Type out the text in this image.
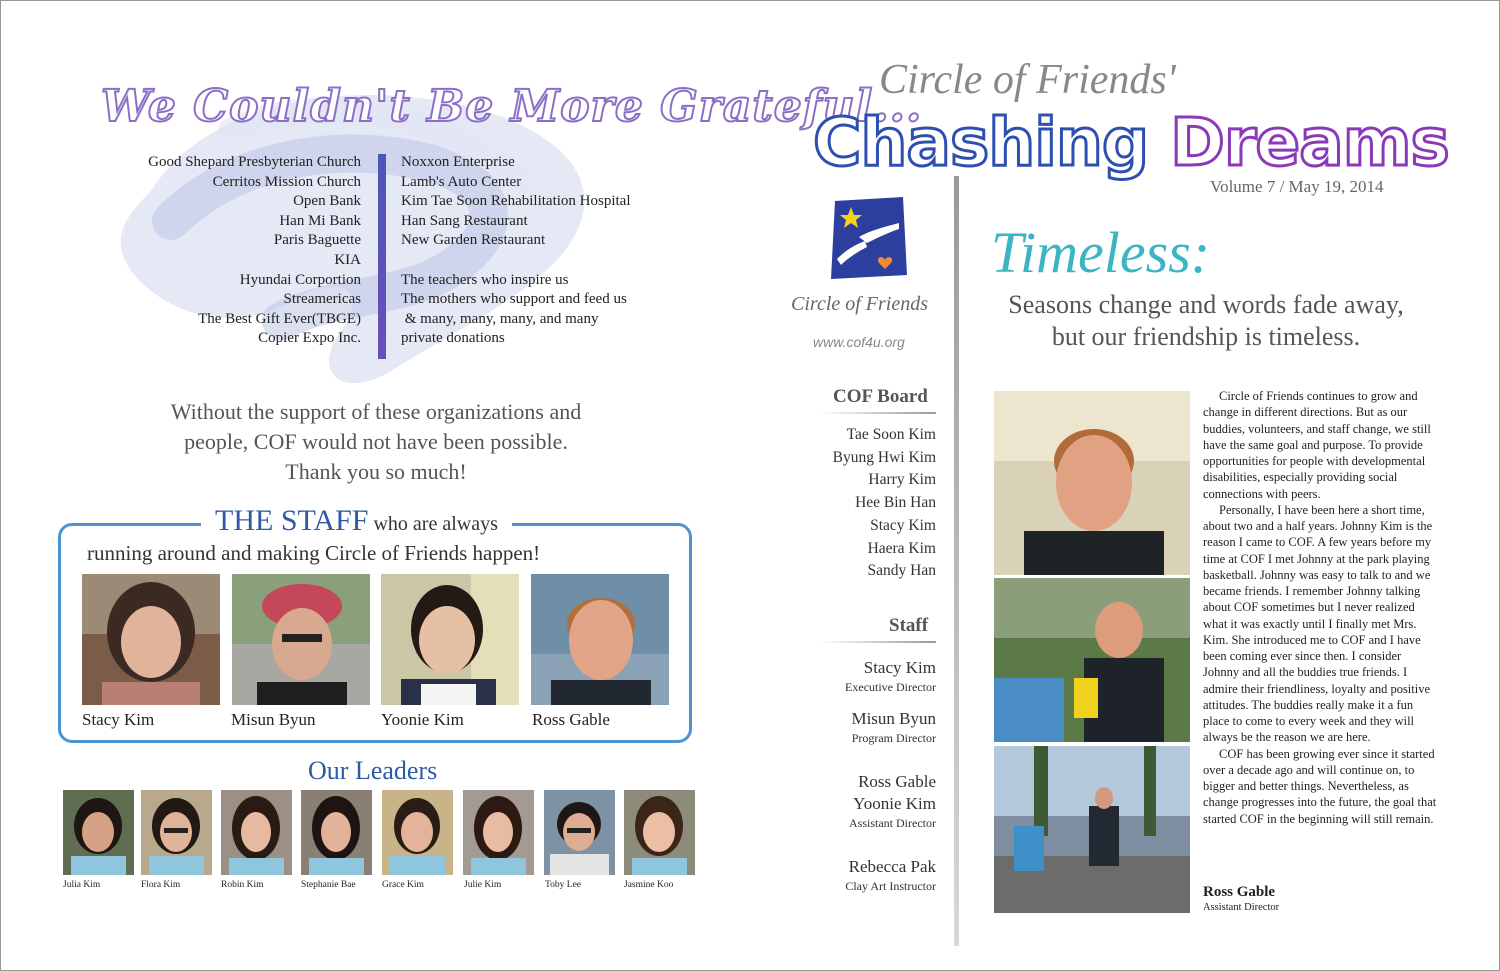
We Couldn't Be More Grateful...
Good Shepard Presbyterian Church
Cerritos Mission Church
Open Bank
Han Mi Bank
Paris Baguette
KIA
Hyundai Corportion
Streamericas
The Best Gift Ever(TBGE)
Copier Expo Inc.
Noxxon Enterprise
Lamb's Auto Center
Kim Tae Soon Rehabilitation Hospital
Han Sang Restaurant
New Garden Restaurant
The teachers who inspire us
The mothers who support and feed us
& many, many, many, and many
private donations
Without the support of these organizations and
people, COF would not have been possible.
Thank you so much!
THE STAFF who are always
running around and making Circle of Friends happen!
Stacy Kim	Misun Byun	Yoonie Kim	Ross Gable
Our Leaders
Julia Kim	Flora Kim	Robin Kim	Stephanie Bae	Grace Kim	Julie Kim	Toby Lee	Jasmine Koo
Circle of Friends'
Chashing Dreams
Volume 7 / May 19, 2014
Circle of Friends
www.cof4u.org
Timeless:
Seasons change and words fade away,
but our friendship is timeless.
COF Board
Tae Soon Kim
Byung Hwi Kim
Harry Kim
Hee Bin Han
Stacy Kim
Haera Kim
Sandy Han
Staff
Stacy Kim
Executive Director
Misun Byun
Program Director
Ross Gable
Yoonie Kim
Assistant Director
Rebecca Pak
Clay Art Instructor

Circle of Friends continues to grow and change in different directions. But as our buddies, volunteers, and staff change, we still have the same goal and purpose. To provide opportunities for people with developmental disabilities, especially providing social connections with peers.

Personally, I have been here a short time, about two and a half years. Johnny Kim is the reason I came to COF. A few years before my time at COF I met Johnny at the park playing basketball. Johnny was easy to talk to and we became friends. I remember Johnny talking about COF sometimes but I never realized what it was exactly until I finally met Mrs. Kim. She introduced me to COF and I have been coming ever since then. I consider Johnny and all the buddies true friends. I admire their friendliness, loyalty and positive attitudes. The buddies really make it a fun place to come to every week and they will always be the reason we are here.

COF has been growing ever since it started over a decade ago and will continue on, to bigger and better things. Nevertheless, as change progresses into the future, the goal that started COF in the beginning will still remain.

Ross Gable
Assistant Director
